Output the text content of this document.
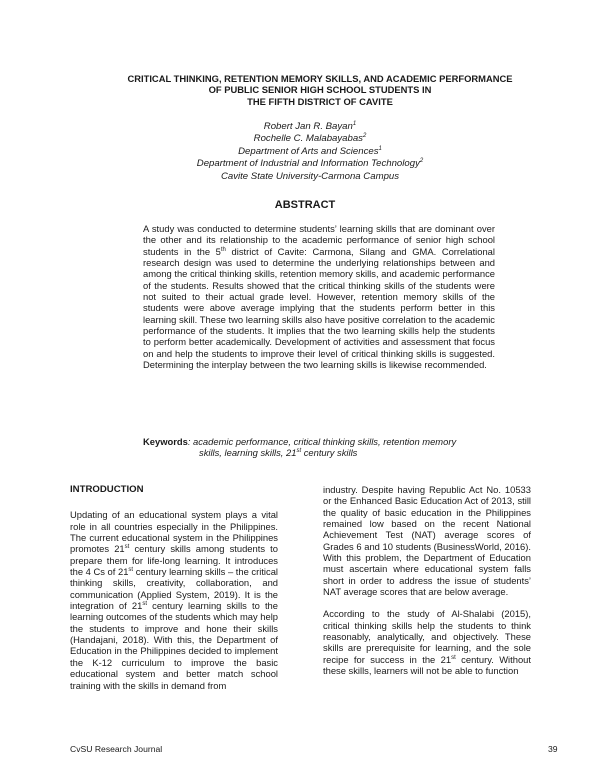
CRITICAL THINKING, RETENTION MEMORY SKILLS, AND ACADEMIC PERFORMANCE
OF PUBLIC SENIOR HIGH SCHOOL STUDENTS IN
THE FIFTH DISTRICT OF CAVITE
Robert Jan R. Bayan$^1$
Rochelle C. Malabayabas$^2$
Department of Arts and Sciences$^1$
Department of Industrial and Information Technology$^2$
Cavite State University-Carmona Campus
ABSTRACT

A study was conducted to determine students’ learning skills that are dominant over the other and its relationship to the academic performance of senior high school students in the 5th district of Cavite: Carmona, Silang and GMA. Correlational research design was used to determine the underlying relationships between and among the critical thinking skills, retention memory skills, and academic performance of the students. Results showed that the critical thinking skills of the students were not suited to their actual grade level. However, retention memory skills of the students were above average implying that the students perform better in this learning skill. These two learning skills also have positive correlation to the academic performance of the students. It implies that the two learning skills help the students to perform better academically. Development of activities and assessment that focus on and help the students to improve their level of critical thinking skills is suggested. Determining the interplay between the two learning skills is likewise recommended.

Keywords: academic performance, critical thinking skills, retention memory
skills, learning skills, 21st century skills
INTRODUCTION

Updating of an educational system plays a vital role in all countries especially in the Philippines. The current educational system in the Philippines promotes 21st century skills among students to prepare them for life-long learning. It introduces the 4 Cs of 21st century learning skills – the critical thinking skills, creativity, collaboration, and communication (Applied System, 2019). It is the integration of 21st century learning skills to the learning outcomes of the students which may help the students to improve and hone their skills (Handajani, 2018). With this, the Department of Education in the Philippines decided to implement the K-12 curriculum to improve the basic educational system and better match school training with the skills in demand from

industry. Despite having Republic Act No. 10533 or the Enhanced Basic Education Act of 2013, still the quality of basic education in the Philippines remained low based on the recent National Achievement Test (NAT) average scores of Grades 6 and 10 students (BusinessWorld, 2016). With this problem, the Department of Education must ascertain where educational system falls short in order to address the issue of students’ NAT average scores that are below average.

According to the study of Al-Shalabi (2015), critical thinking skills help the students to think reasonably, analytically, and objectively. These skills are prerequisite for learning, and the sole recipe for success in the 21st century. Without these skills, learners will not be able to function

CvSU Research Journal	39
